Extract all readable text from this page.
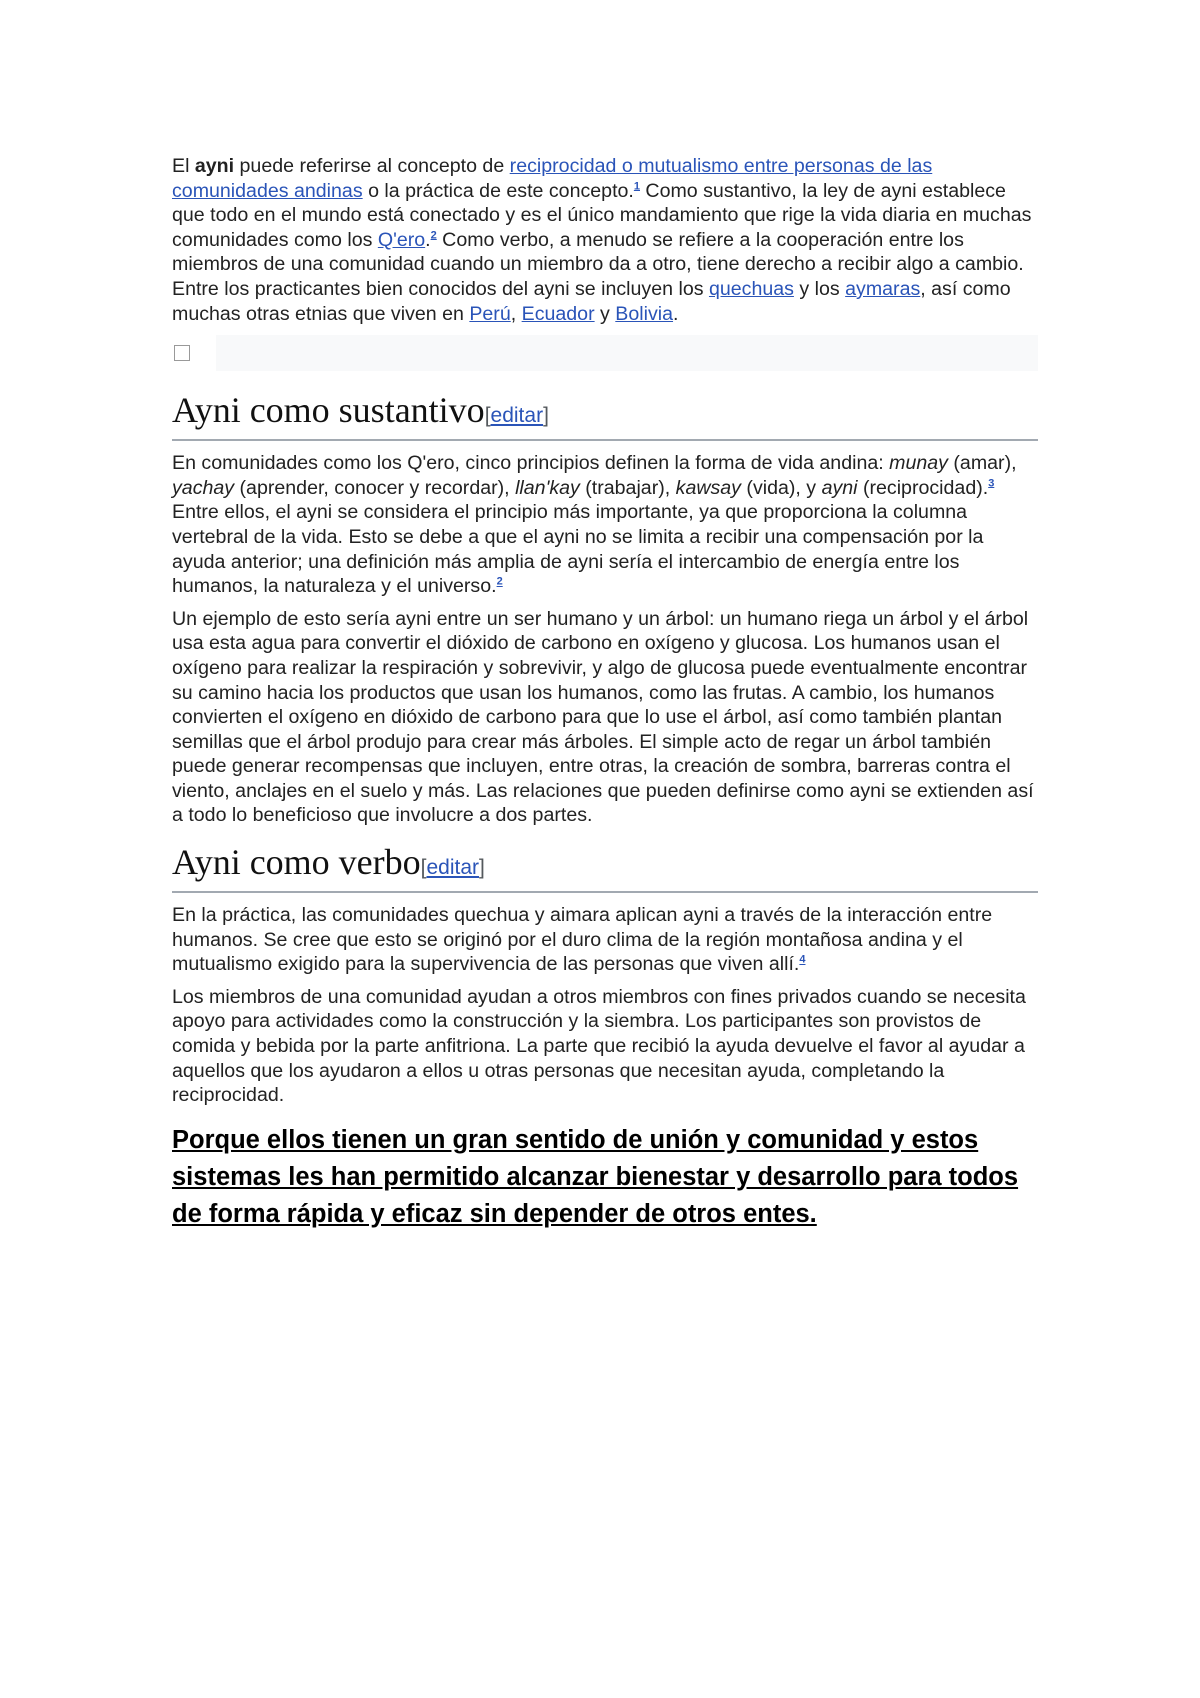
El ayni puede referirse al concepto de reciprocidad o mutualismo entre personas de las comunidades andinas o la práctica de este concepto.$^1$ Como sustantivo, la ley de ayni establece que todo en el mundo está conectado y es el único mandamiento que rige la vida diaria en muchas comunidades como los Q'ero.$^2$ Como verbo, a menudo se refiere a la cooperación entre los miembros de una comunidad cuando un miembro da a otro, tiene derecho a recibir algo a cambio. Entre los practicantes bien conocidos del ayni se incluyen los quechuas y los aymaras, así como muchas otras etnias que viven en Perú, Ecuador y Bolivia.

Ayni como sustantivo[editar]

En comunidades como los Q'ero, cinco principios definen la forma de vida andina: munay (amar), yachay (aprender, conocer y recordar), llan'kay (trabajar), kawsay (vida), y ayni (reciprocidad).$^3$ Entre ellos, el ayni se considera el principio más importante, ya que proporciona la columna vertebral de la vida. Esto se debe a que el ayni no se limita a recibir una compensación por la ayuda anterior; una definición más amplia de ayni sería el intercambio de energía entre los humanos, la naturaleza y el universo.$^2$

Un ejemplo de esto sería ayni entre un ser humano y un árbol: un humano riega un árbol y el árbol usa esta agua para convertir el dióxido de carbono en oxígeno y glucosa. Los humanos usan el oxígeno para realizar la respiración y sobrevivir, y algo de glucosa puede eventualmente encontrar su camino hacia los productos que usan los humanos, como las frutas. A cambio, los humanos convierten el oxígeno en dióxido de carbono para que lo use el árbol, así como también plantan semillas que el árbol produjo para crear más árboles. El simple acto de regar un árbol también puede generar recompensas que incluyen, entre otras, la creación de sombra, barreras contra el viento, anclajes en el suelo y más. Las relaciones que pueden definirse como ayni se extienden así a todo lo beneficioso que involucre a dos partes.

Ayni como verbo[editar]

En la práctica, las comunidades quechua y aimara aplican ayni a través de la interacción entre humanos. Se cree que esto se originó por el duro clima de la región montañosa andina y el mutualismo exigido para la supervivencia de las personas que viven allí.$^4$

Los miembros de una comunidad ayudan a otros miembros con fines privados cuando se necesita apoyo para actividades como la construcción y la siembra. Los participantes son provistos de comida y bebida por la parte anfitriona. La parte que recibió la ayuda devuelve el favor al ayudar a aquellos que los ayudaron a ellos u otras personas que necesitan ayuda, completando la reciprocidad.

Porque ellos tienen un gran sentido de unión y comunidad y estos sistemas les han permitido alcanzar bienestar y desarrollo para todos de forma rápida y eficaz sin depender de otros entes.
